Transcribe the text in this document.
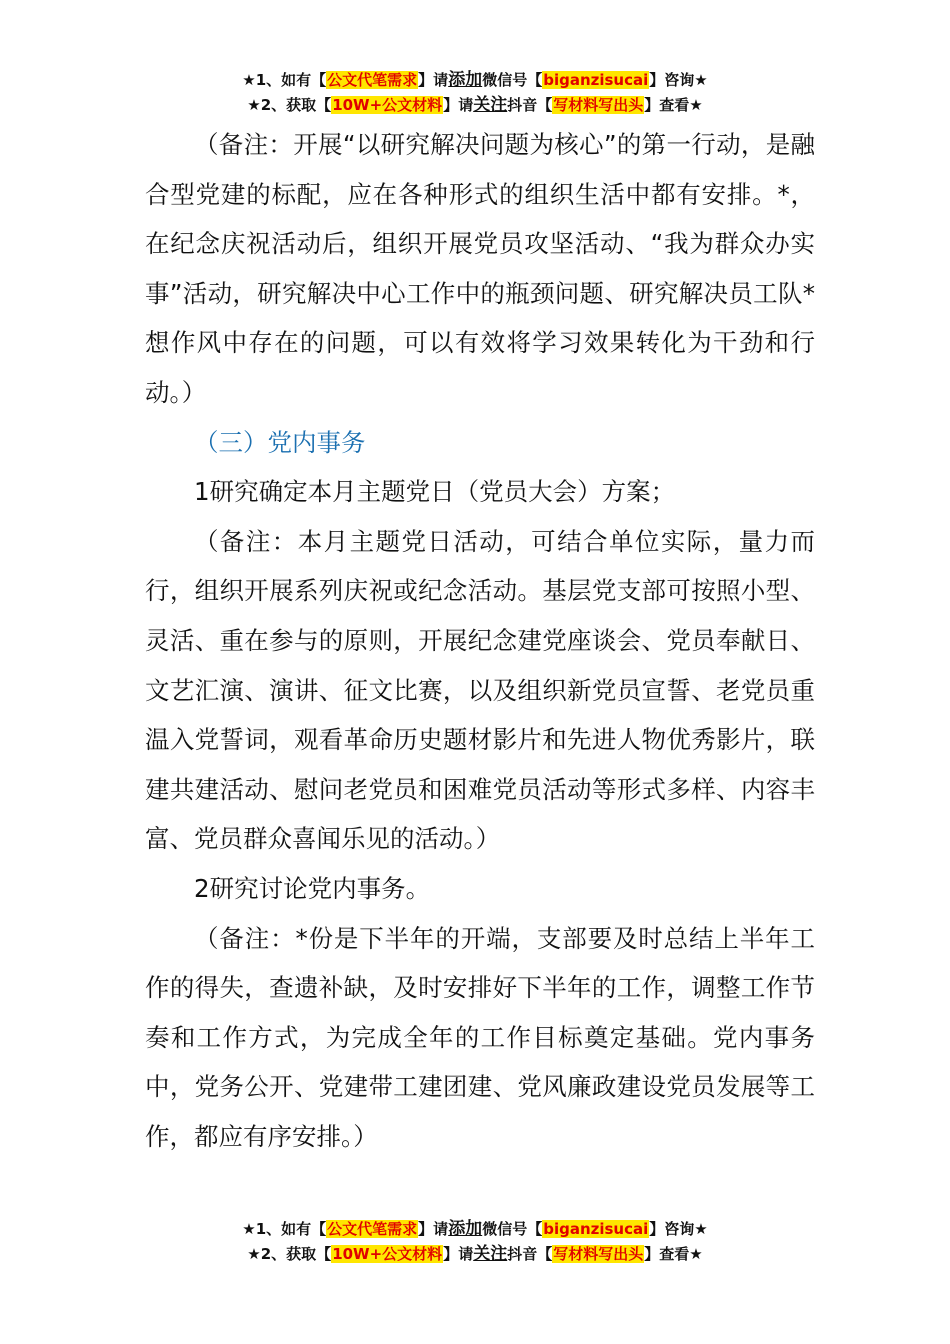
★1、如有【公文代笔需求】请添加微信号【biganzisucai】咨询★
★2、获取【10W+公文材料】请关注抖音【写材料写出头】查看★

（备注：开展“以研究解决问题为核心”的第一行动，是融合型党建的标配，应在各种形式的组织生活中都有安排。*，在纪念庆祝活动后，组织开展党员攻坚活动、“我为群众办实事”活动，研究解决中心工作中的瓶颈问题、研究解决员工队*想作风中存在的问题，可以有效将学习效果转化为干劲和行动。）

（三）党内事务

1研究确定本月主题党日（党员大会）方案；

（备注：本月主题党日活动，可结合单位实际，量力而行，组织开展系列庆祝或纪念活动。基层党支部可按照小型、灵活、重在参与的原则，开展纪念建党座谈会、党员奉献日、文艺汇演、演讲、征文比赛，以及组织新党员宣誓、老党员重温入党誓词，观看革命历史题材影片和先进人物优秀影片，联建共建活动、慰问老党员和困难党员活动等形式多样、内容丰富、党员群众喜闻乐见的活动。）

2研究讨论党内事务。

（备注：*份是下半年的开端，支部要及时总结上半年工作的得失，查遗补缺，及时安排好下半年的工作，调整工作节奏和工作方式，为完成全年的工作目标奠定基础。党内事务中，党务公开、党建带工建团建、党风廉政建设党员发展等工作，都应有序安排。）

★1、如有【公文代笔需求】请添加微信号【biganzisucai】咨询★
★2、获取【10W+公文材料】请关注抖音【写材料写出头】查看★
